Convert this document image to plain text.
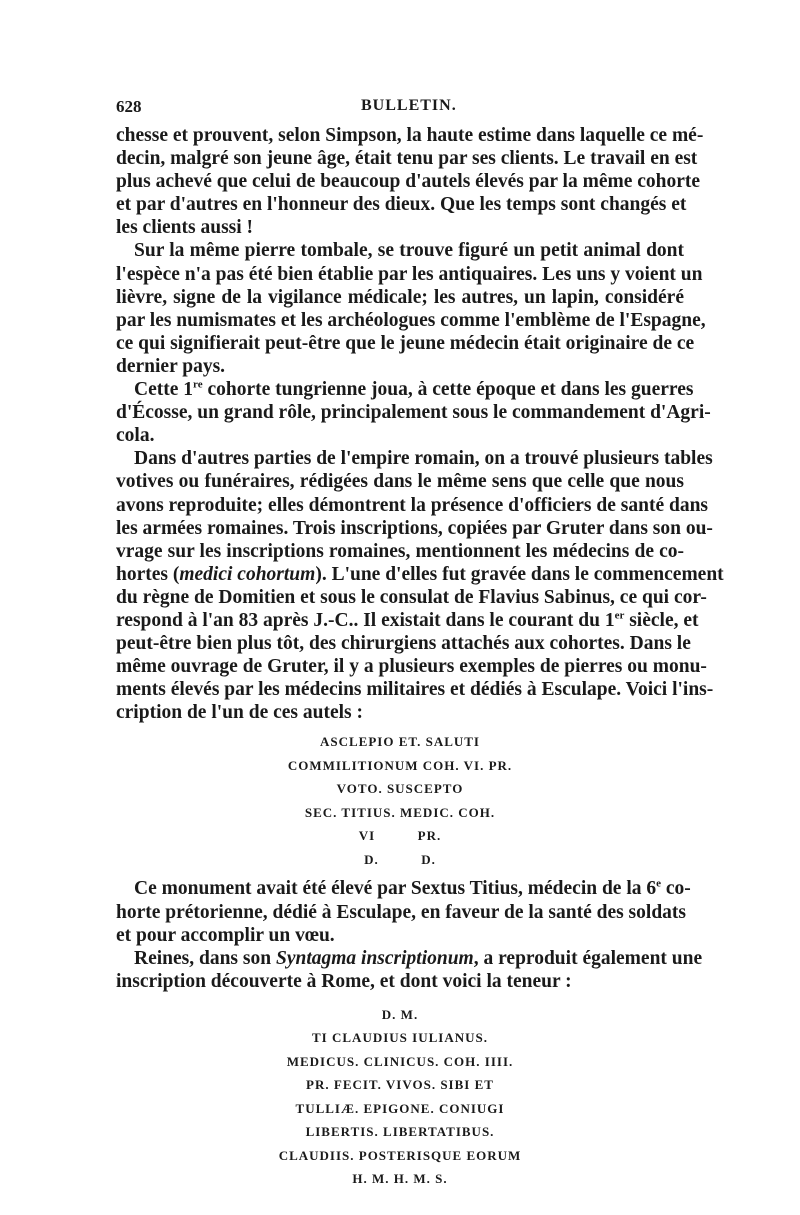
628	BULLETIN.

chesse et prouvent, selon Simpson, la haute estime dans laquelle ce mé-
decin, malgré son jeune âge, était tenu par ses clients. Le travail en est
plus achevé que celui de beaucoup d'autels élevés par la même cohorte
et par d'autres en l'honneur des dieux. Que les temps sont changés et
les clients aussi !

Sur la même pierre tombale, se trouve figuré un petit animal dont
l'espèce n'a pas été bien établie par les antiquaires. Les uns y voient un
lièvre, signe de la vigilance médicale; les autres, un lapin, considéré
par les numismates et les archéologues comme l'emblème de l'Espagne,
ce qui signifierait peut-être que le jeune médecin était originaire de ce
dernier pays.

Cette 1re cohorte tungrienne joua, à cette époque et dans les guerres
d'Écosse, un grand rôle, principalement sous le commandement d'Agri-
cola.

Dans d'autres parties de l'empire romain, on a trouvé plusieurs tables
votives ou funéraires, rédigées dans le même sens que celle que nous
avons reproduite; elles démontrent la présence d'officiers de santé dans
les armées romaines. Trois inscriptions, copiées par Gruter dans son ou-
vrage sur les inscriptions romaines, mentionnent les médecins de co-
hortes (medici cohortum). L'une d'elles fut gravée dans le commencement
du règne de Domitien et sous le consulat de Flavius Sabinus, ce qui cor-
respond à l'an 83 après J.-C.. Il existait dans le courant du 1er siècle, et
peut-être bien plus tôt, des chirurgiens attachés aux cohortes. Dans le
même ouvrage de Gruter, il y a plusieurs exemples de pierres ou monu-
ments élevés par les médecins militaires et dédiés à Esculape. Voici l'ins-
cription de l'un de ces autels :

ASCLEPIO ET. SALUTI
COMMILITIONUM COH. VI. PR.
VOTO. SUSCEPTO
SEC. TITIUS. MEDIC. COH.
VI          PR.
D.          D.

Ce monument avait été élevé par Sextus Titius, médecin de la 6e co-
horte prétorienne, dédié à Esculape, en faveur de la santé des soldats
et pour accomplir un vœu.

Reines, dans son Syntagma inscriptionum, a reproduit également une
inscription découverte à Rome, et dont voici la teneur :

D. M.
TI CLAUDIUS IULIANUS.
MEDICUS. CLINICUS. COH. IIII.
PR. FECIT. VIVOS. SIBI ET
TULLIÆ. EPIGONE. CONIUGI
LIBERTIS. LIBERTATIBUS.
CLAUDIIS. POSTERISQUE EORUM
H. M. H. M. S.
